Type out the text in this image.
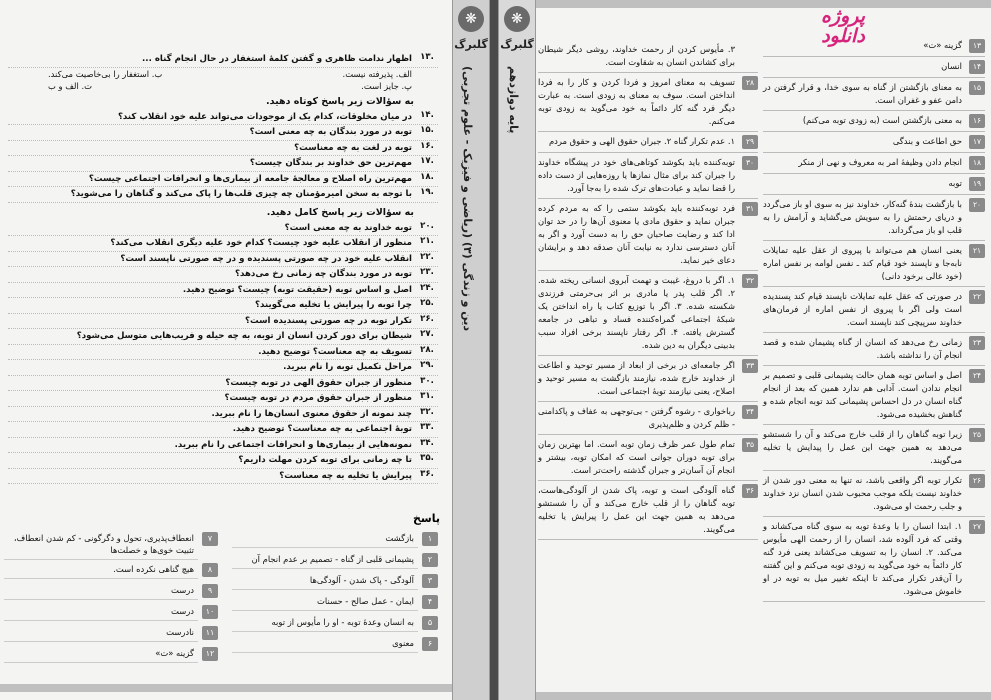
❋
گلبرگ
دین و زندگی (۳) (ریاضی و فیزیک - علوم تجربی)
۱۳.
اظهار ندامت ظاهری و گفتن کلمهٔ استغفار در حال انجام گناه ...
الف. پذیرفته نیست.
ب. استغفار را بی‌خاصیت می‌کند.
پ. جایز است.
ت. الف و ب
به سؤالات زیر پاسخ کوتاه دهید.
۱۴.
در میان مخلوقات، کدام یک از موجودات می‌تواند علیه خود انقلاب کند؟
۱۵.
توبه در مورد بندگان به چه معنی است؟
۱۶.
توبه در لغت به چه معناست؟
۱۷.
مهم‌ترین حق خداوند بر بندگان چیست؟
۱۸.
مهم‌ترین راه اصلاح و معالجهٔ جامعه از بیماری‌ها و انحرافات اجتماعی چیست؟
۱۹.
با توجه به سخن امیرمؤمنان چه چیزی قلب‌ها را پاک می‌کند و گناهان را می‌شوید؟
به سؤالات زیر پاسخ کامل دهید.
۲۰.
توبه خداوند به چه معنی است؟
۲۱.
منظور از انقلاب علیه خود چیست؟ کدام خود علیه دیگری انقلاب می‌کند؟
۲۲.
انقلاب علیه خود در چه صورتی پسندیده و در چه صورتی ناپسند است؟
۲۳.
توبه در مورد بندگان چه زمانی رخ می‌دهد؟
۲۴.
اصل و اساس توبه (حقیقت توبه) چیست؟ توضیح دهید.
۲۵.
چرا توبه را پیرایش یا تخلیه می‌گویند؟
۲۶.
تکرار توبه در چه صورتی پسندیده است؟
۲۷.
شیطان برای دور کردن انسان از توبه، به چه حیله و فریب‌هایی متوسل می‌شود؟
۲۸.
تسویف به چه معناست؟ توضیح دهید.
۲۹.
مراحل تکمیل توبه را نام ببرید.
۳۰.
منظور از جبران حقوق الهی در توبه چیست؟
۳۱.
منظور از جبران حقوق مردم در توبه چیست؟
۳۲.
چند نمونه از حقوق معنوی انسان‌ها را نام ببرید.
۳۳.
توبهٔ اجتماعی به چه معناست؟ توضیح دهید.
۳۴.
نمونه‌هایی از بیماری‌ها و انحرافات اجتماعی را نام ببرید.
۳۵.
تا چه زمانی برای توبه کردن مهلت داریم؟
۳۶.
پیرایش یا تخلیه به چه معناست؟
پاسخ
۱
بازگشت
۲
پشیمانی قلبی از گناه - تصمیم بر عدم انجام آن
۳
آلودگی - پاک شدن - آلودگی‌ها
۴
ایمان - عمل صالح - حسنات
۵
به انسان وعدهٔ توبه - او را مأیوس از توبه
۶
معنوی
۷
انعطاف‌پذیری، تحول و دگرگونی - کم شدن انعطاف، تثبیت خوی‌ها و خصلت‌ها
۸
هیچ گناهی نکرده است.
۹
درست
۱۰
درست
۱۱
نادرست
۱۲
گزینه «ت»
❋
گلبرگ
پایه دوازدهم
پروژه
دانلود
۳. مأیوس کردن از رحمت خداوند، روشی دیگر شیطان برای کشاندن انسان به شقاوت است.
۲۸
تسویف به معنای امروز و فردا کردن و کار را به فردا انداختن است. سوف به معنای به زودی است. به عبارت دیگر فرد گنه کار دائماً به خود می‌گوید به زودی توبه می‌کنم.
۲۹
۱. عدم تکرار گناه ۲. جبران حقوق الهی و حقوق مردم
۳۰
توبه‌کننده باید بکوشد کوتاهی‌های خود در پیشگاه خداوند را جبران کند برای مثال نمازها یا روزه‌هایی از دست داده را قضا نماید و عبادت‌های ترک شده را به‌جا آورد.
۳۱
فرد توبه‌کننده باید بکوشد ستمی را که به مردم کرده جبران نماید و حقوق مادی یا معنوی آن‌ها را در حد توان ادا کند و رضایت صاحبان حق را به دست آورد و اگر به آنان دسترسی ندارد به نیابت آنان صدقه دهد و برایشان دعای خیر نماید.
۳۲
۱. اگر با دروغ، غیبت و تهمت آبروی انسانی ریخته شده. ۲. اگر قلب پدر یا مادری بر اثر بی‌حرمتی فرزندی شکسته شده. ۳. اگر با توزیع کتاب یا راه انداختن یک شبکهٔ اجتماعی گمراه‌کننده فساد و تباهی در جامعه گسترش یافته. ۴. اگر رفتار ناپسند برخی افراد سبب بدبینی دیگران به دین شده.
۳۳
اگر جامعه‌ای در برخی از ابعاد از مسیر توحید و اطاعت از خداوند خارج شده، نیازمند بازگشت به مسیر توحید و اصلاح، یعنی نیازمند توبهٔ اجتماعی است.
۳۴
ربا‌خواری - رشوه گرفتن - بی‌توجهی به عفاف و پاکدامنی - ظلم کردن و ظلم‌پذیری
۳۵
تمام طول عمر ظرف زمان توبه است. اما بهترین زمان برای توبه دوران جوانی است که امکان توبه، بیشتر و انجام آن آسان‌تر و جبران گذشته راحت‌تر است.
۳۶
گناه آلودگی است و توبه، پاک شدن از آلودگی‌هاست، توبه گناهان را از قلب خارج می‌کند و آن را شستشو می‌دهد به همین جهت این عمل را پیرایش یا تخلیه می‌گویند.
۱۳
گزینه «ت»
۱۴
انسان
۱۵
به معنای بازگشتن از گناه به سوی خدا، و قرار گرفتن در دامن عفو و غفران است.
۱۶
به معنی بازگشتن است (به زودی توبه می‌کنم)
۱۷
حق اطاعت و بندگی
۱۸
انجام دادن وظیفهٔ امر به معروف و نهی از منکر
۱۹
توبه
۲۰
با بازگشت بندهٔ گنه‌کار، خداوند نیز به سوی او باز می‌گردد و دریای رحمتش را به سویش می‌گشاید و آرامش را به قلب او باز می‌گرداند.
۲۱
یعنی انسان هم می‌تواند با پیروی از عقل علیه تمایلات نابه‌جا و ناپسند خود قیام کند ـ نفس لوامه بر نفس اماره (خود عالی برخود دانی)
۲۲
در صورتی که عقل علیه تمایلات ناپسند قیام کند پسندیده است ولی اگر با پیروی از نفس اماره از فرمان‌های خداوند سرپیچی کند ناپسند است.
۲۳
زمانی رخ می‌دهد که انسان از گناه پشیمان شده و قصد انجام آن را نداشته باشد.
۲۴
اصل و اساس توبه همان حالت پشیمانی قلبی و تصمیم بر انجام ندادن است. آدابی هم ندارد همین که بعد از انجام گناه انسان در دل احساس پشیمانی کند توبه انجام شده و گناهش بخشیده می‌شود.
۲۵
زیرا توبه گناهان را از قلب خارج می‌کند و آن را شستشو می‌دهد به همین جهت این عمل را پیدایش یا تخلیه می‌گویند.
۲۶
تکرار توبه اگر واقعی باشد، نه تنها به معنی دور شدن از خداوند نیست بلکه موجب محبوب شدن انسان نزد خداوند و جلب رحمت او می‌شود.
۲۷
۱. ابتدا انسان را با وعدهٔ توبه به سوی گناه می‌کشاند و وقتی که فرد آلوده شد، انسان را از رحمت الهی مأیوس می‌کند. ۲. انسان را به تسویف می‌کشاند یعنی فرد گنه کار دائماً به خود می‌گوید به زودی توبه می‌کنم و این گفتنه را آن‌قدر تکرار می‌کند تا اینکه تغییر میل به توبه در او خاموش می‌شود.
